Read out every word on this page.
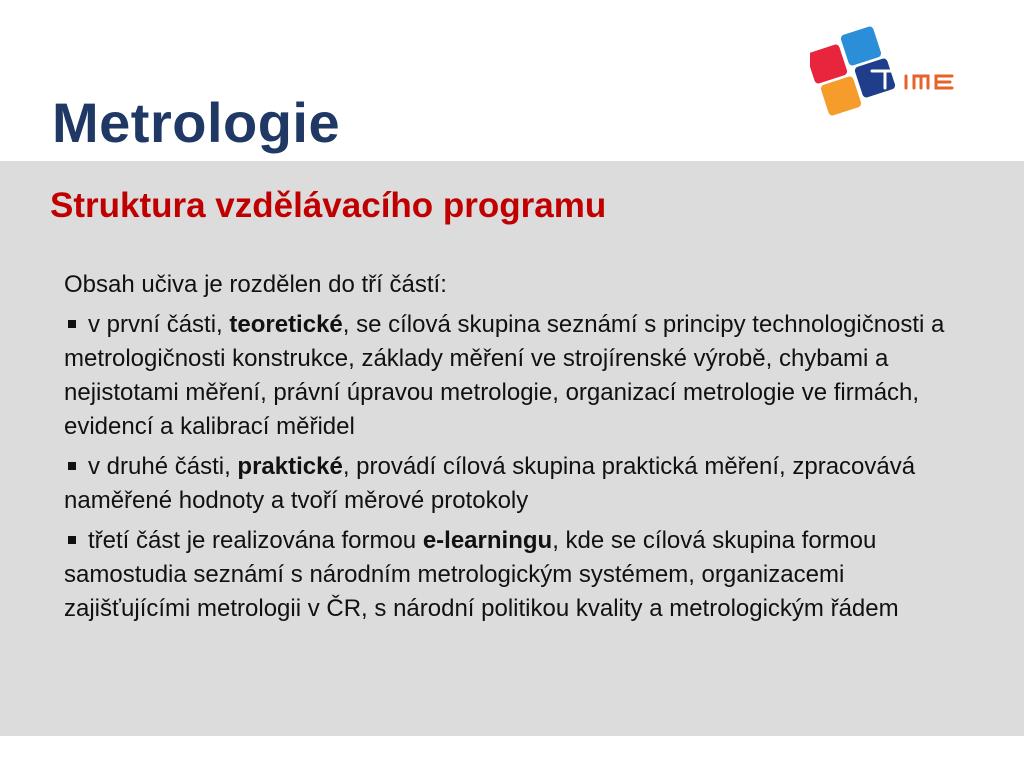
Metrologie
Struktura vzdělávacího programu

Obsah učiva je rozdělen do tří částí:

v první části, teoretické, se cílová skupina seznámí s principy technologičnosti a metrologičnosti konstrukce, základy měření ve strojírenské výrobě, chybami a nejistotami měření, právní úpravou metrologie, organizací metrologie ve firmách, evidencí a kalibrací měřidel
v druhé části, praktické, provádí cílová skupina praktická měření, zpracovává naměřené hodnoty a tvoří měrové protokoly
třetí část je realizována formou e-learningu, kde se cílová skupina formou samostudia seznámí s národním metrologickým systémem, organizacemi zajišťujícími metrologii v ČR, s národní politikou kvality a metrologickým řádem
